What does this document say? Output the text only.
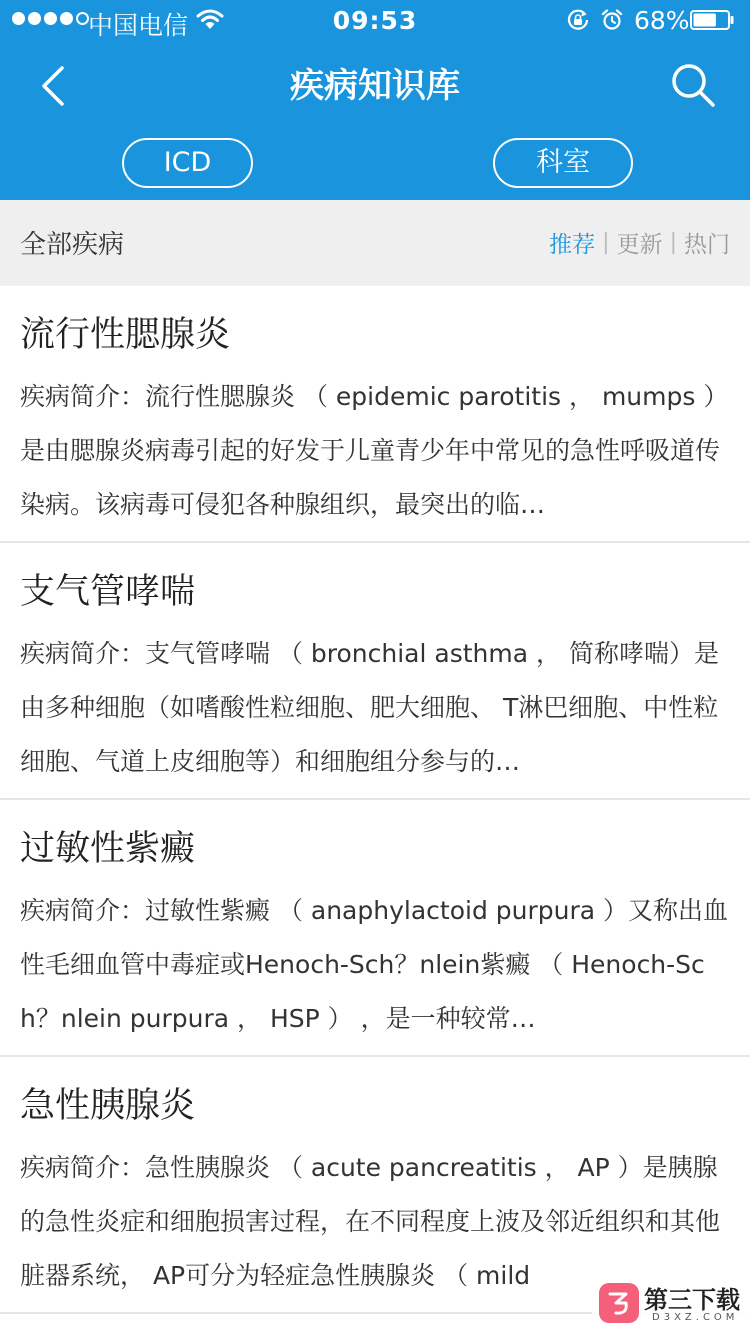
中国电信	09:53	68%
疾病知识库
ICD	科室
全部疾病	推荐 | 更新 | 热门
流行性腮腺炎
疾病简介：流行性腮腺炎 （ epidemic parotitis ， mumps ）是由腮腺炎病毒引起的好发于儿童青少年中常见的急性呼吸道传染病。该病毒可侵犯各种腺组织，最突出的临…
支气管哮喘
疾病简介：支气管哮喘 （ bronchial asthma ， 简称哮喘）是由多种细胞（如嗜酸性粒细胞、肥大细胞、 T淋巴细胞、中性粒细胞、气道上皮细胞等）和细胞组分参与的…
过敏性紫癜
疾病简介：过敏性紫癜 （ anaphylactoid purpura ）又称出血性毛细血管中毒症或Henoch-Sch？nlein紫癜 （ Henoch-Sch？nlein purpura ， HSP ） ，是一种较常…
急性胰腺炎
疾病简介：急性胰腺炎 （ acute pancreatitis ， AP ）是胰腺的急性炎症和细胞损害过程，在不同程度上波及邻近组织和其他脏器系统， AP可分为轻症急性胰腺炎 （ mild
第三下载
D3XZ.COM
